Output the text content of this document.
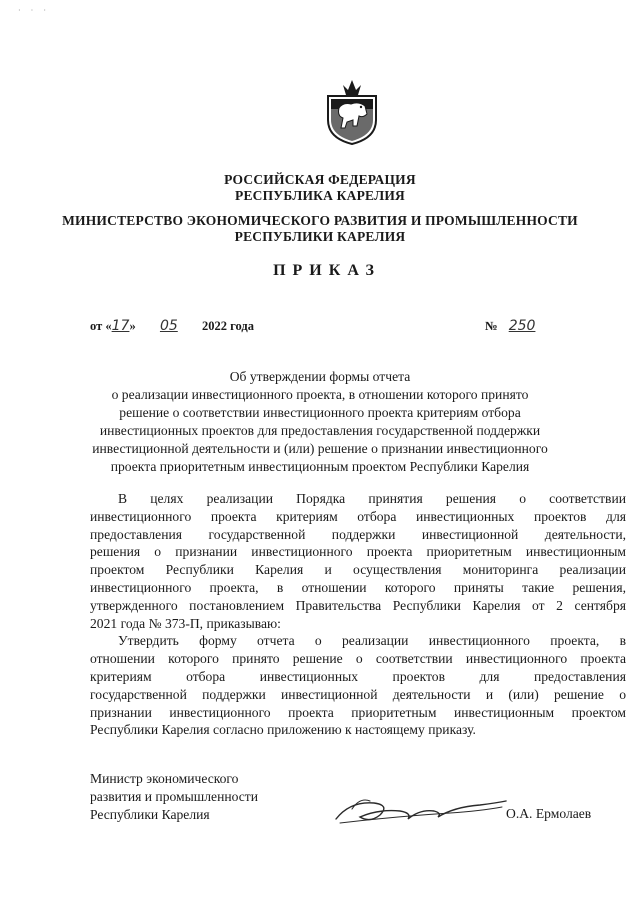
· · ·
РОССИЙСКАЯ ФЕДЕРАЦИЯ
РЕСПУБЛИКА КАРЕЛИЯ
МИНИСТЕРСТВО ЭКОНОМИЧЕСКОГО РАЗВИТИЯ И ПРОМЫШЛЕННОСТИ
РЕСПУБЛИКИ КАРЕЛИЯ
ПРИКАЗ
от «17» 05 2022 года	№ 250
Об утверждении формы отчета
о реализации инвестиционного проекта, в отношении которого принято
решение о соответствии инвестиционного проекта критериям отбора
инвестиционных проектов для предоставления государственной поддержки
инвестиционной деятельности и (или) решение о признании инвестиционного
проекта приоритетным инвестиционным проектом Республики Карелия

В целях реализации Порядка принятия решения о соответствии
инвестиционного проекта критериям отбора инвестиционных проектов для
предоставления государственной поддержки инвестиционной деятельности,
решения о признании инвестиционного проекта приоритетным инвестиционным
проектом Республики Карелия и осуществления мониторинга реализации
инвестиционного проекта, в отношении которого приняты такие решения,
утвержденного постановлением Правительства Республики Карелия от 2 сентября
2021 года № 373-П, приказываю:

Утвердить форму отчета о реализации инвестиционного проекта, в
отношении которого принято решение о соответствии инвестиционного проекта
критериям отбора инвестиционных проектов для предоставления
государственной поддержки инвестиционной деятельности и (или) решение о
признании инвестиционного проекта приоритетным инвестиционным проектом
Республики Карелия согласно приложению к настоящему приказу.

Министр экономического
развития и промышленности
Республики Карелия	О.А. Ермолаев
